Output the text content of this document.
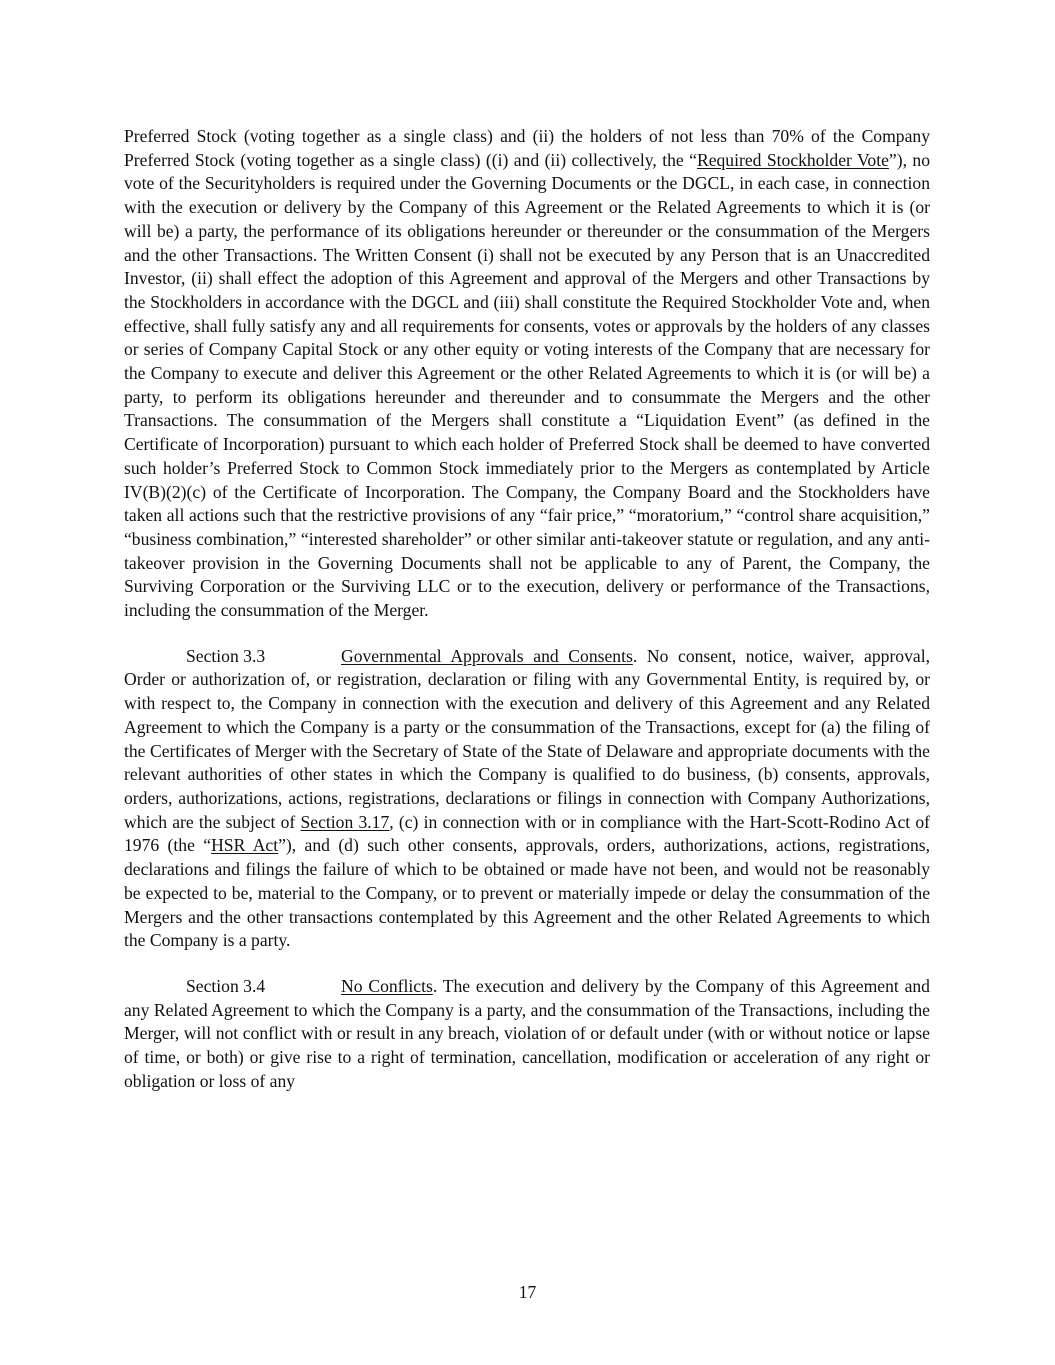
Preferred Stock (voting together as a single class) and (ii) the holders of not less than 70% of the Company Preferred Stock (voting together as a single class) ((i) and (ii) collectively, the “Required Stockholder Vote”), no vote of the Securityholders is required under the Governing Documents or the DGCL, in each case, in connection with the execution or delivery by the Company of this Agreement or the Related Agreements to which it is (or will be) a party, the performance of its obligations hereunder or thereunder or the consummation of the Mergers and the other Transactions. The Written Consent (i) shall not be executed by any Person that is an Unaccredited Investor, (ii) shall effect the adoption of this Agreement and approval of the Mergers and other Transactions by the Stockholders in accordance with the DGCL and (iii) shall constitute the Required Stockholder Vote and, when effective, shall fully satisfy any and all requirements for consents, votes or approvals by the holders of any classes or series of Company Capital Stock or any other equity or voting interests of the Company that are necessary for the Company to execute and deliver this Agreement or the other Related Agreements to which it is (or will be) a party, to perform its obligations hereunder and thereunder and to consummate the Mergers and the other Transactions. The consummation of the Mergers shall constitute a “Liquidation Event” (as defined in the Certificate of Incorporation) pursuant to which each holder of Preferred Stock shall be deemed to have converted such holder’s Preferred Stock to Common Stock immediately prior to the Mergers as contemplated by Article IV(B)(2)(c) of the Certificate of Incorporation. The Company, the Company Board and the Stockholders have taken all actions such that the restrictive provisions of any “fair price,” “moratorium,” “control share acquisition,” “business combination,” “interested shareholder” or other similar anti-takeover statute or regulation, and any anti-takeover provision in the Governing Documents shall not be applicable to any of Parent, the Company, the Surviving Corporation or the Surviving LLC or to the execution, delivery or performance of the Transactions, including the consummation of the Merger.

Section 3.3	Governmental Approvals and Consents. No consent, notice, waiver, approval, Order or authorization of, or registration, declaration or filing with any Governmental Entity, is required by, or with respect to, the Company in connection with the execution and delivery of this Agreement and any Related Agreement to which the Company is a party or the consummation of the Transactions, except for (a) the filing of the Certificates of Merger with the Secretary of State of the State of Delaware and appropriate documents with the relevant authorities of other states in which the Company is qualified to do business, (b) consents, approvals, orders, authorizations, actions, registrations, declarations or filings in connection with Company Authorizations, which are the subject of Section 3.17, (c) in connection with or in compliance with the Hart-Scott-Rodino Act of 1976 (the “HSR Act”), and (d) such other consents, approvals, orders, authorizations, actions, registrations, declarations and filings the failure of which to be obtained or made have not been, and would not be reasonably be expected to be, material to the Company, or to prevent or materially impede or delay the consummation of the Mergers and the other transactions contemplated by this Agreement and the other Related Agreements to which the Company is a party.

Section 3.4	No Conflicts. The execution and delivery by the Company of this Agreement and any Related Agreement to which the Company is a party, and the consummation of the Transactions, including the Merger, will not conflict with or result in any breach, violation of or default under (with or without notice or lapse of time, or both) or give rise to a right of termination, cancellation, modification or acceleration of any right or obligation or loss of any

17
